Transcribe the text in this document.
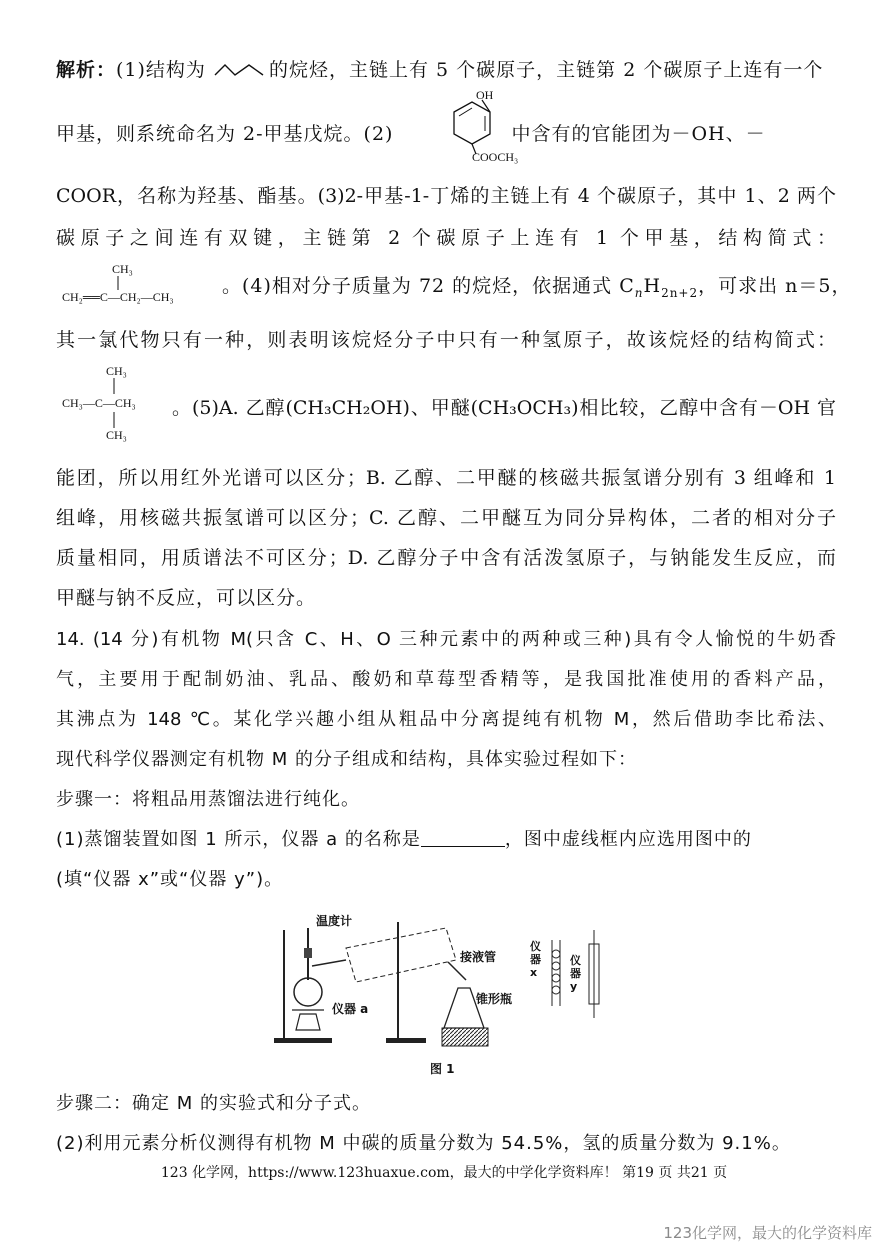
解析：(1)结构为	的烷烃，主链上有 5 个碳原子，主链第 2 个碳原子上连有一个
甲基，则系统命名为 2-甲基戊烷。(2)	中含有的官能团为－OH、－
OH
COOCH₃
COOR，名称为羟基、酯基。(3)2-甲基-1-丁烯的主链上有 4 个碳原子，其中 1、2 两个
碳原子之间连有双键，主链第 2 个碳原子上连有 1 个甲基，结构简式：
CH₃
CH₂══C—CH₂—CH₃	。(4)相对分子质量为 72 的烷烃，依据通式 $C_nH_{2n+2}$，可求出 n＝5，
其一氯代物只有一种，则表明该烷烃分子中只有一种氢原子，故该烷烃的结构简式：
CH₃
CH₃—C—CH₃
CH₃
。(5)A. 乙醇(CH₃CH₂OH)、甲醚(CH₃OCH₃)相比较，乙醇中含有－OH 官
能团，所以用红外光谱可以区分；B. 乙醇、二甲醚的核磁共振氢谱分别有 3 组峰和 1
组峰，用核磁共振氢谱可以区分；C. 乙醇、二甲醚互为同分异构体，二者的相对分子
质量相同，用质谱法不可区分；D. 乙醇分子中含有活泼氢原子，与钠能发生反应，而
甲醚与钠不反应，可以区分。
14. (14 分)有机物 M(只含 C、H、O 三种元素中的两种或三种)具有令人愉悦的牛奶香
气，主要用于配制奶油、乳品、酸奶和草莓型香精等，是我国批准使用的香料产品，
其沸点为 148 ℃。某化学兴趣小组从粗品中分离提纯有机物 M，然后借助李比希法、
现代科学仪器测定有机物 M 的分子组成和结构，具体实验过程如下：
步骤一：将粗品用蒸馏法进行纯化。
(1)蒸馏装置如图 1 所示，仪器 a 的名称是	，图中虚线框内应选用图中的
(填“仪器 x”或“仪器 y”)。
温度计
仪器 a
接液管
锥形瓶
仪器x
仪器y
图 1
步骤二：确定 M 的实验式和分子式。
(2)利用元素分析仪测得有机物 M 中碳的质量分数为 54.5%，氢的质量分数为 9.1%。
123 化学网，https://www.123huaxue.com，最大的中学化学资料库！ 第19 页 共21 页
123化学网，最大的化学资料库
